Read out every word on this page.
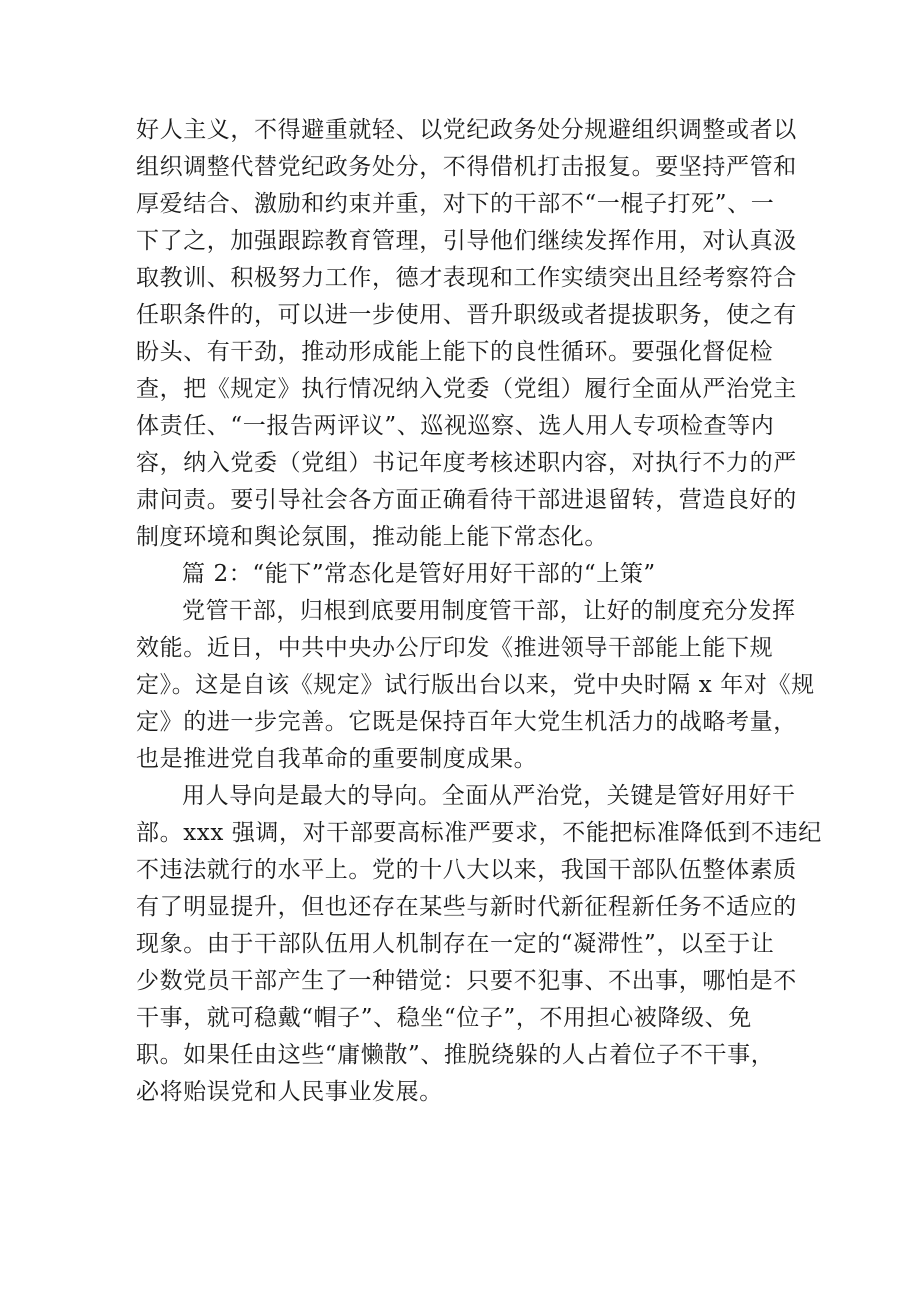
好人主义，不得避重就轻、以党纪政务处分规避组织调整或者以
组织调整代替党纪政务处分，不得借机打击报复。要坚持严管和
厚爱结合、激励和约束并重，对下的干部不“一棍子打死”、一
下了之，加强跟踪教育管理，引导他们继续发挥作用，对认真汲
取教训、积极努力工作，德才表现和工作实绩突出且经考察符合
任职条件的，可以进一步使用、晋升职级或者提拔职务，使之有
盼头、有干劲，推动形成能上能下的良性循环。要强化督促检
查，把《规定》执行情况纳入党委（党组）履行全面从严治党主
体责任、“一报告两评议”、巡视巡察、选人用人专项检查等内
容，纳入党委（党组）书记年度考核述职内容，对执行不力的严
肃问责。要引导社会各方面正确看待干部进退留转，营造良好的
制度环境和舆论氛围，推动能上能下常态化。
篇 2：“能下”常态化是管好用好干部的“上策”
党管干部，归根到底要用制度管干部，让好的制度充分发挥
效能。近日，中共中央办公厅印发《推进领导干部能上能下规
定》。这是自该《规定》试行版出台以来，党中央时隔 x 年对《规
定》的进一步完善。它既是保持百年大党生机活力的战略考量，
也是推进党自我革命的重要制度成果。
用人导向是最大的导向。全面从严治党，关键是管好用好干
部。xxx 强调，对干部要高标准严要求，不能把标准降低到不违纪
不违法就行的水平上。党的十八大以来，我国干部队伍整体素质
有了明显提升，但也还存在某些与新时代新征程新任务不适应的
现象。由于干部队伍用人机制存在一定的“凝滞性”，以至于让
少数党员干部产生了一种错觉：只要不犯事、不出事，哪怕是不
干事，就可稳戴“帽子”、稳坐“位子”，不用担心被降级、免
职。如果任由这些“庸懒散”、推脱绕躲的人占着位子不干事，
必将贻误党和人民事业发展。
